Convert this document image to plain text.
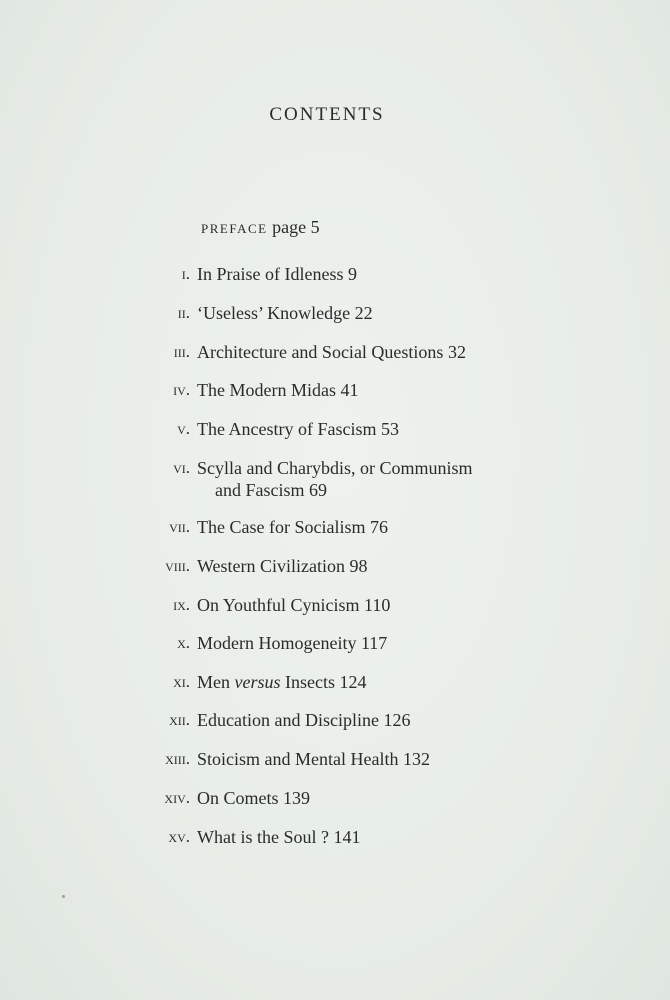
CONTENTS
PREFACE page 5
i . In Praise of Idleness 9
ii . ‘Useless’ Knowledge 22
iii . Architecture and Social Questions 32
iv . The Modern Midas 41
v . The Ancestry of Fascism 53
vi . Scylla and Charybdis, or Communism
and Fascism 69
vii . The Case for Socialism 76
viii . Western Civilization 98
ix . On Youthful Cynicism 110
x . Modern Homogeneity 117
xi . Men versus Insects 124
xii . Education and Discipline 126
xiii . Stoicism and Mental Health 132
xiv . On Comets 139
xv . What is the Soul ? 141
